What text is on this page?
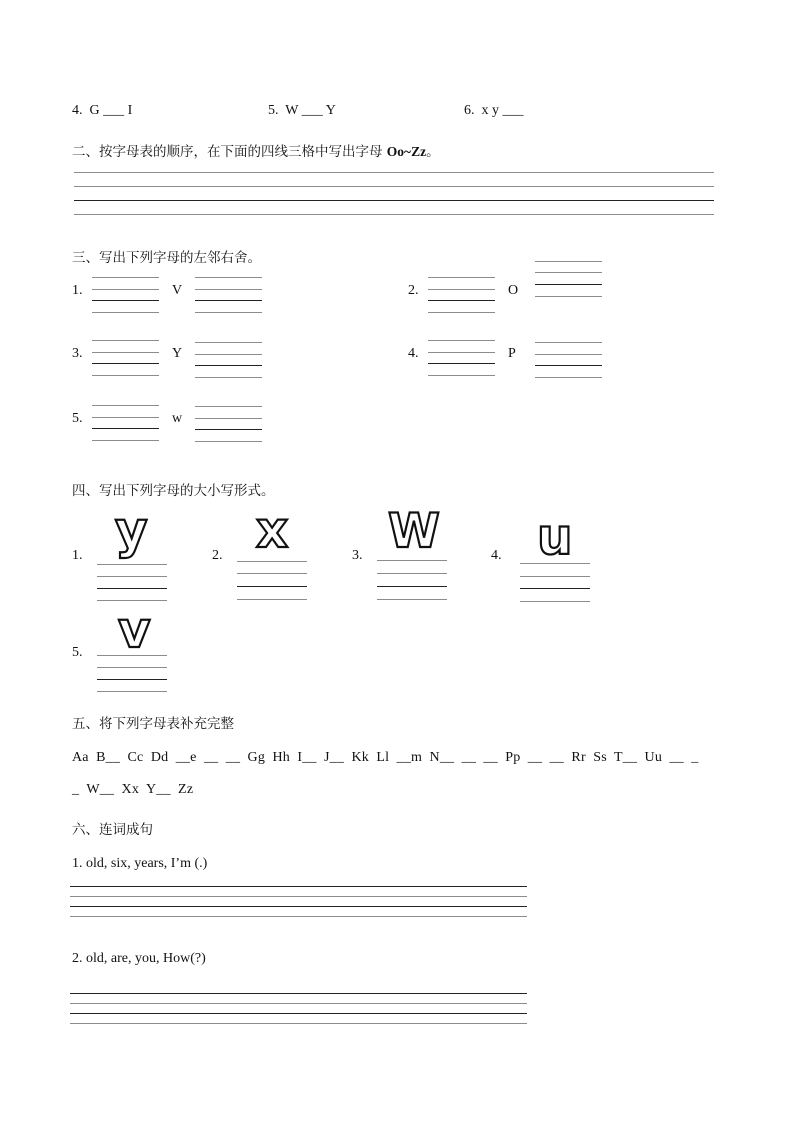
4. G ___ I	5. W ___ Y	6. x y ___
二、按字母表的顺序，在下面的四线三格中写出字母 Oo~Zz。
三、写出下列字母的左邻右舍。
1.	V	2.	O
3.	Y	4.	P
5.	w
四、写出下列字母的大小写形式。
1. y	2. x	3. W	4. u
5. v
五、将下列字母表补充完整
Aa  B__  Cc  Dd  __e  __  __  Gg  Hh  I__  J__  Kk  Ll  __m  N__  __  __  Pp  __  __  Rr  Ss  T__  Uu  __  _
_  W__  Xx  Y__  Zz
六、连词成句
1. old, six, years, I’m (.)
2. old, are, you, How(?)
